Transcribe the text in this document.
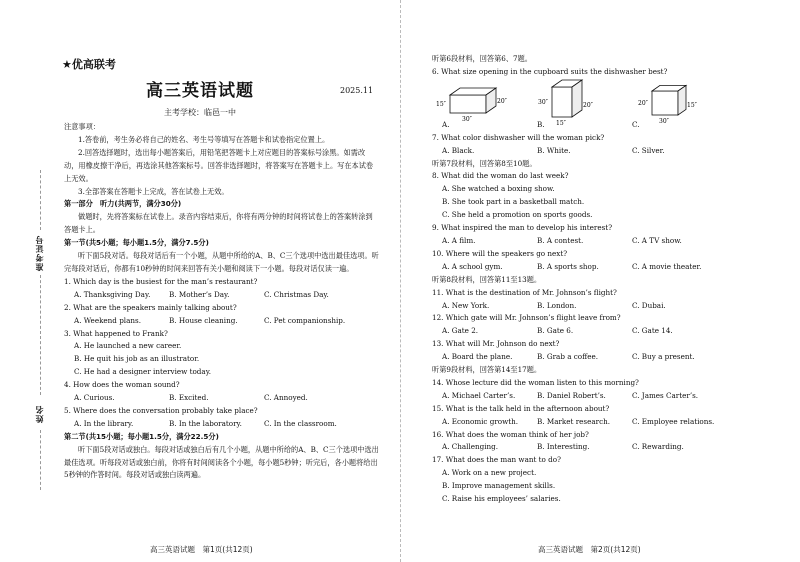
准考证号
姓名
★优高联考
高三英语试题	2025.11
主考学校：临邑一中

注意事项：

1.答卷前，考生务必将自己的姓名、考生号等填写在答题卡和试卷指定位置上。

2.回答选择题时，选出每小题答案后，用铅笔把答题卡上对应题目的答案标号涂黑。如需改动，用橡皮擦干净后，再选涂其他答案标号。回答非选择题时，将答案写在答题卡上。写在本试卷上无效。

3.全部答案在答题卡上完成，答在试卷上无效。

第一部分　听力(共两节，满分30分)

做题时，先将答案标在试卷上。录音内容结束后，你将有两分钟的时间将试卷上的答案转涂到答题卡上。

第一节(共5小题；每小题1.5分，满分7.5分)

听下面5段对话。每段对话后有一个小题，从题中所给的A、B、C三个选项中选出最佳选项。听完每段对话后，你都有10秒钟的时间来回答有关小题和阅读下一小题。每段对话仅读一遍。

1. Which day is the busiest for the man’s restaurant?

A. Thanksgiving Day.	B. Mother’s Day.	C. Christmas Day.

2. What are the speakers mainly talking about?

A. Weekend plans.	B. House cleaning.	C. Pet companionship.

3. What happened to Frank?

A. He launched a new career.

B. He quit his job as an illustrator.

C. He had a designer interview today.

4. How does the woman sound?

A. Curious.	B. Excited.	C. Annoyed.

5. Where does the conversation probably take place?

A. In the library.	B. In the laboratory.	C. In the classroom.

第二节(共15小题；每小题1.5分，满分22.5分)

听下面5段对话或独白。每段对话或独白后有几个小题，从题中所给的A、B、C三个选项中选出最佳选项。听每段对话或独白前，你将有时间阅读各个小题，每小题5秒钟；听完后，各小题将给出5秒钟的作答时间。每段对话或独白读两遍。

高三英语试题　第1页(共12页)

听第6段材料，回答第6、7题。

6. What size opening in the cupboard suits the dishwasher best?

30″
15″	20″
15″
30″	20″
30″
20″	15″
A.	B.	C.

7. What color dishwasher will the woman pick?

A. Black.	B. White.	C. Silver.

听第7段材料，回答第8至10题。

8. What did the woman do last week?

A. She watched a boxing show.

B. She took part in a basketball match.

C. She held a promotion on sports goods.

9. What inspired the man to develop his interest?

A. A film.	B. A contest.	C. A TV show.

10. Where will the speakers go next?

A. A school gym.	B. A sports shop.	C. A movie theater.

听第8段材料，回答第11至13题。

11. What is the destination of Mr. Johnson’s flight?

A. New York.	B. London.	C. Dubai.

12. Which gate will Mr. Johnson’s flight leave from?

A. Gate 2.	B. Gate 6.	C. Gate 14.

13. What will Mr. Johnson do next?

A. Board the plane.	B. Grab a coffee.	C. Buy a present.

听第9段材料，回答第14至17题。

14. Whose lecture did the woman listen to this morning?

A. Michael Carter’s.	B. Daniel Robert’s.	C. James Carter’s.

15. What is the talk held in the afternoon about?

A. Economic growth.	B. Market research.	C. Employee relations.

16. What does the woman think of her job?

A. Challenging.	B. Interesting.	C. Rewarding.

17. What does the man want to do?

A. Work on a new project.

B. Improve management skills.

C. Raise his employees’ salaries.

高三英语试题　第2页(共12页)
